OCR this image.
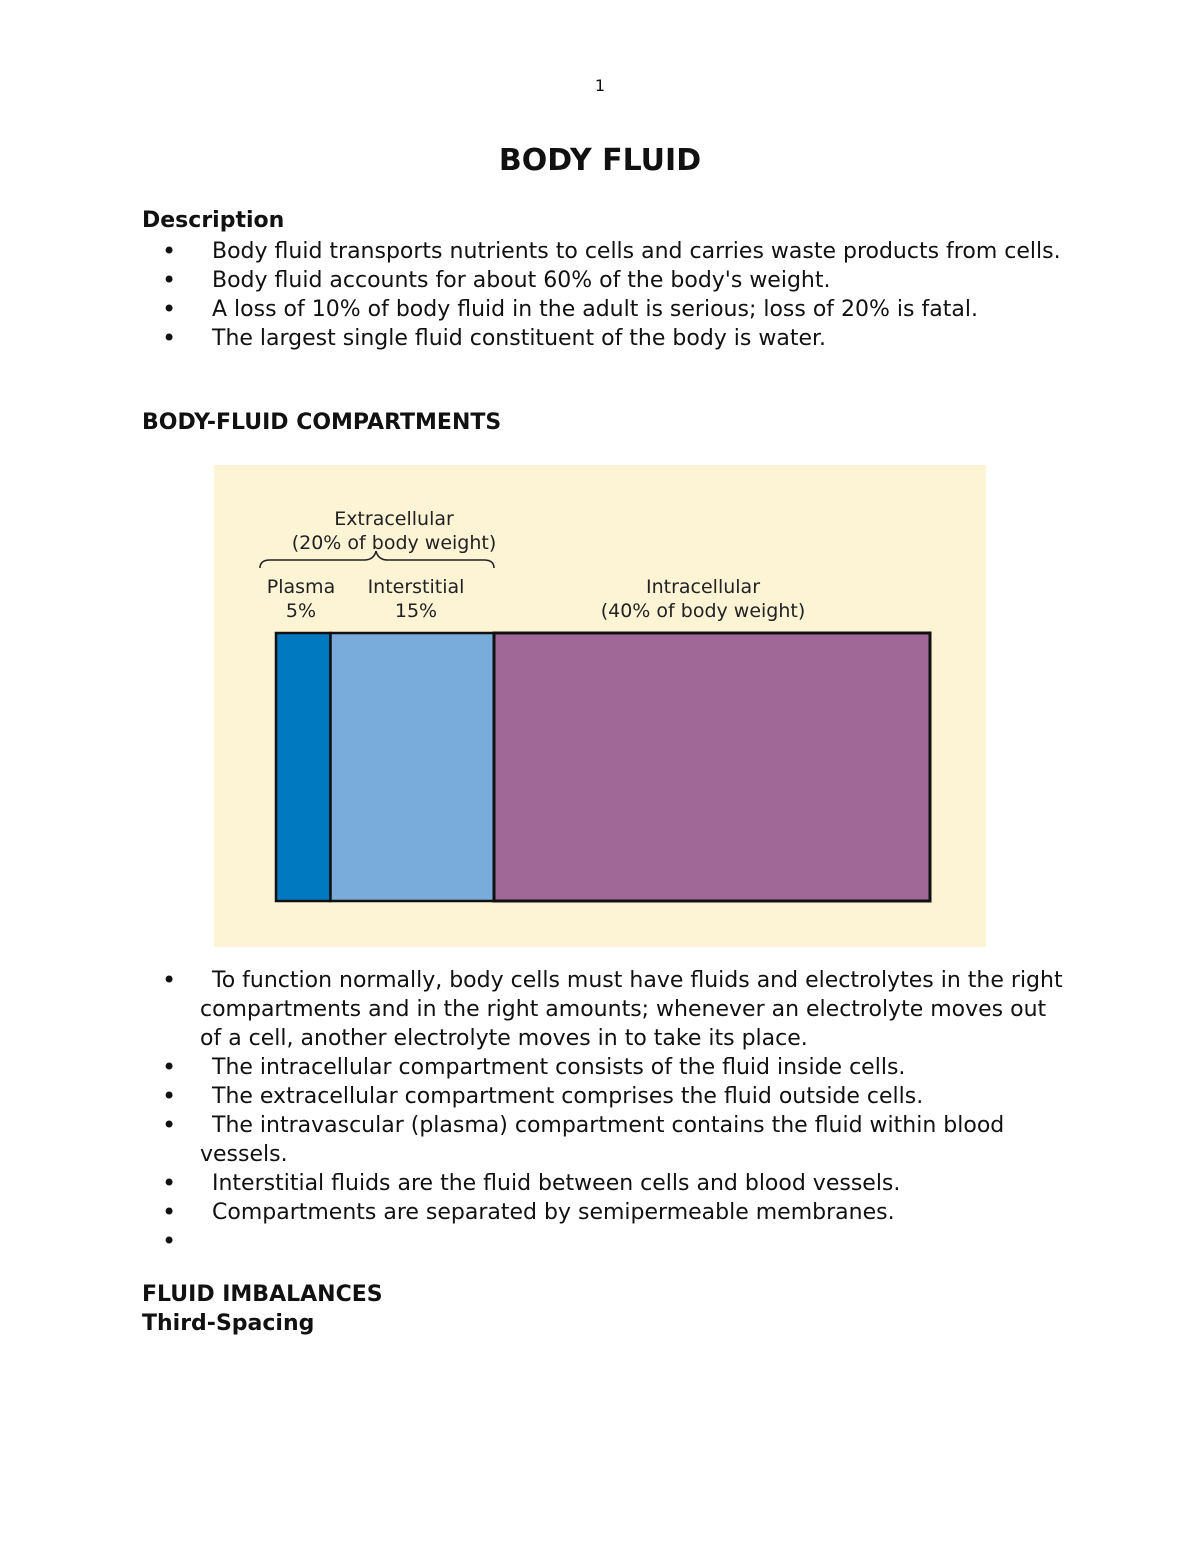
1
BODY FLUID
Description
• Body fluid transports nutrients to cells and carries waste products from cells.
• Body fluid accounts for about 60% of the body's weight.
• A loss of 10% of body fluid in the adult is serious; loss of 20% is fatal.
• The largest single fluid constituent of the body is water.
BODY-FLUID COMPARTMENTS
Extracellular
(20% of body weight)
Plasma
5%
Interstitial
15%
Intracellular
(40% of body weight)
• To function normally, body cells must have fluids and electrolytes in the right compartments and in the right amounts; whenever an electrolyte moves out of a cell, another electrolyte moves in to take its place.
• The intracellular compartment consists of the fluid inside cells.
• The extracellular compartment comprises the fluid outside cells.
• The intravascular (plasma) compartment contains the fluid within blood vessels.
• Interstitial fluids are the fluid between cells and blood vessels.
• Compartments are separated by semipermeable membranes.
•
FLUID IMBALANCES
Third-Spacing
